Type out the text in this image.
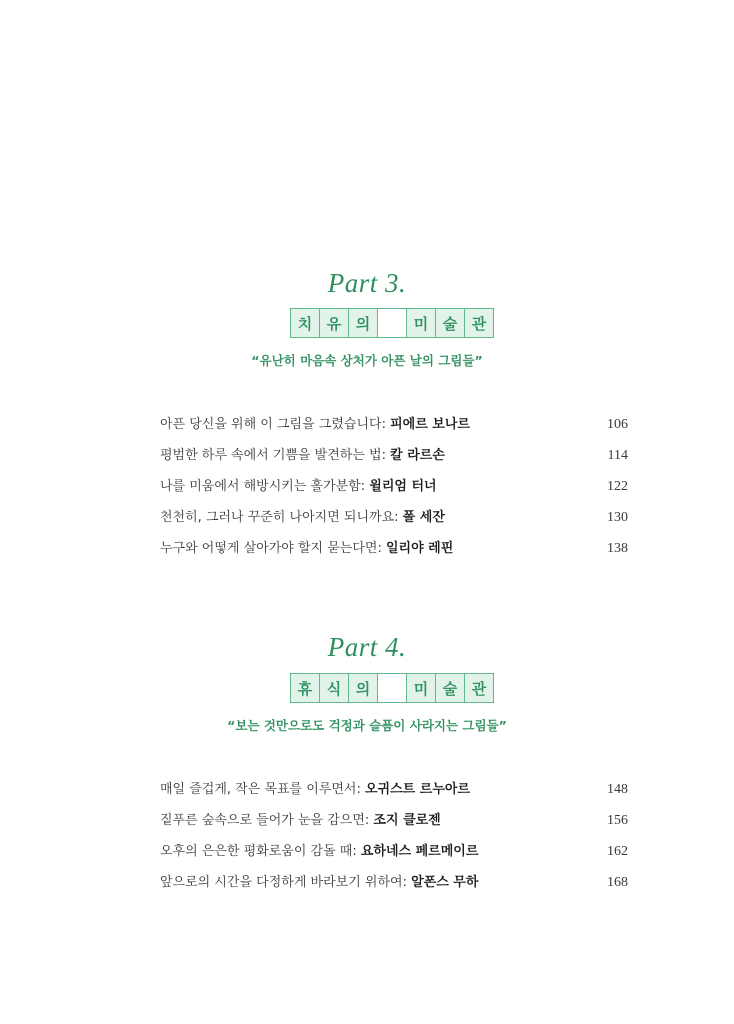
Part 3.
치 유 의	미 술 관
“유난히 마음속 상처가 아픈 날의 그림들”
아픈 당신을 위해 이 그림을 그렸습니다: 피에르 보나르	106
평범한 하루 속에서 기쁨을 발견하는 법: 칼 라르손	114
나를 미움에서 해방시키는 홀가분함: 윌리엄 터너	122
천천히, 그러나 꾸준히 나아지면 되니까요: 폴 세잔	130
누구와 어떻게 살아가야 할지 묻는다면: 일리야 레핀	138
Part 4.
휴 식 의	미 술 관
“보는 것만으로도 걱정과 슬픔이 사라지는 그림들”
매일 즐겁게, 작은 목표를 이루면서: 오귀스트 르누아르	148
짙푸른 숲속으로 들어가 눈을 감으면: 조지 클로젠	156
오후의 은은한 평화로움이 감돌 때: 요하네스 페르메이르	162
앞으로의 시간을 다정하게 바라보기 위하여: 알폰스 무하	168
